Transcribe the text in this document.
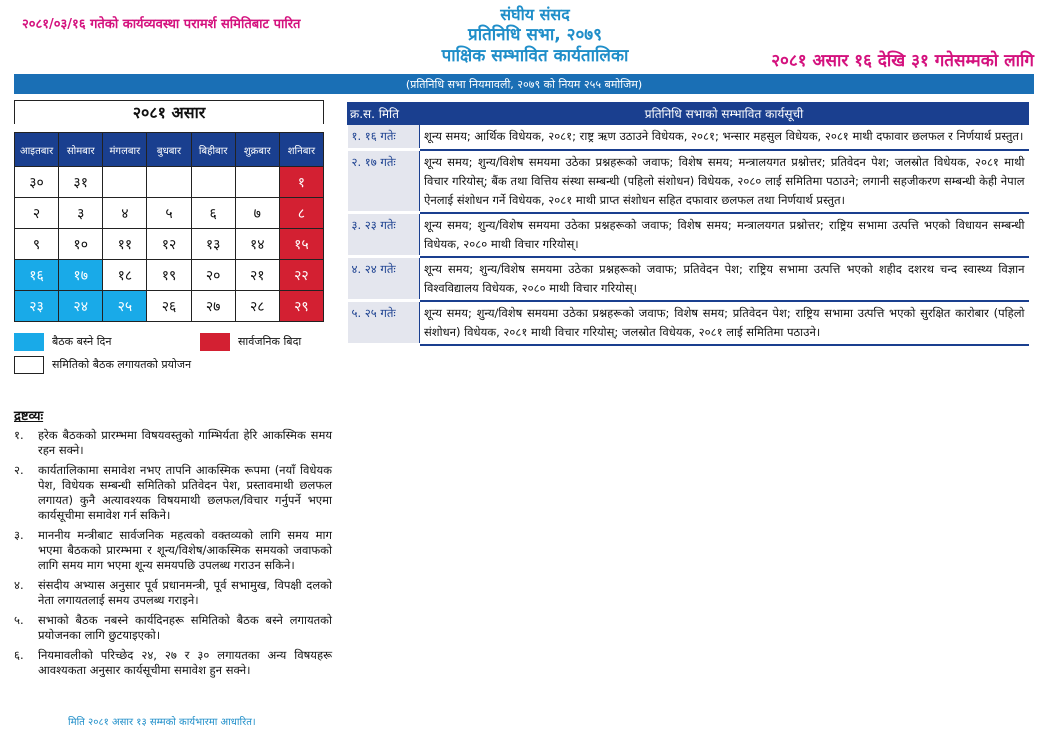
२०८१/०३/१६ गतेको कार्यव्यवस्था परामर्श समितिबाट पारित
संघीय संसद
प्रतिनिधि सभा, २०७९
पाक्षिक सम्भावित कार्यतालिका	२०८१ असार १६ देखि ३१ गतेसम्मको लागि
(प्रतिनिधि सभा नियमावली, २०७९ को नियम २५५ बमोजिम)
२०८१ असार
आइतबार	सोमबार	मंगलबार	बुधबार	बिहीबार	शुक्रबार	शनिबार
३०	३१					१
२	३	४	५	६	७	८
९	१०	११	१२	१३	१४	१५
१६	१७	१८	१९	२०	२१	२२
२३	२४	२५	२६	२७	२८	२९
बैठक बस्ने दिन	सार्वजनिक बिदा
समितिको बैठक लगायतको प्रयोजन
द्रष्टव्यः
१.	हरेक बैठकको प्रारम्भमा विषयवस्तुको गाम्भिर्यता हेरि आकस्मिक समय रहन सक्ने।
२.	कार्यतालिकामा समावेश नभए तापनि आकस्मिक रूपमा (नयाँ विधेयक पेश, विधेयक सम्बन्धी समितिको प्रतिवेदन पेश, प्रस्तावमाथी छलफल लगायत) कुनै अत्यावश्यक विषयमाथी छलफल/विचार गर्नुपर्ने भएमा कार्यसूचीमा समावेश गर्न सकिने।
३.	माननीय मन्त्रीबाट सार्वजनिक महत्वको वक्तव्यको लागि समय माग भएमा बैठकको प्रारम्भमा र शून्य/विशेष/आकस्मिक समयको जवाफको लागि समय माग भएमा शून्य समयपछि उपलब्ध गराउन सकिने।
४.	संसदीय अभ्यास अनुसार पूर्व प्रधानमन्त्री, पूर्व सभामुख, विपक्षी दलको नेता लगायतलाई समय उपलब्ध गराइने।
५.	सभाको बैठक नबस्ने कार्यदिनहरू समितिको बैठक बस्ने लगायतको प्रयोजनका लागि छुटयाइएको।
६.	नियमावलीको परिच्छेद २४, २७ र ३० लगायतका अन्य विषयहरू आवश्यकता अनुसार कार्यसूचीमा समावेश हुन सक्ने।
मिति २०८१ असार १३ सम्मको कार्यभारमा आधारित।
क्र.स. मिति	प्रतिनिधि सभाको सम्भावित कार्यसूची
१. १६ गतेः	शून्य समय; आर्थिक विधेयक, २०८१; राष्ट्र ऋण उठाउने विधेयक, २०८१; भन्सार महसुल विधेयक, २०८१ माथी दफावार छलफल र निर्णयार्थ प्रस्तुत।
२. १७ गतेः	शून्य समय; शुन्य/विशेष समयमा उठेका प्रश्नहरूको जवाफ; विशेष समय; मन्त्रालयगत प्रश्नोत्तर; प्रतिवेदन पेश; जलस्रोत विधेयक, २०८१ माथी विचार गरियोस्; बैंक तथा वित्तिय संस्था सम्बन्धी (पहिलो संशोधन) विधेयक, २०८० लाई समितिमा पठाउने; लगानी सहजीकरण सम्बन्धी केही नेपाल ऐनलाई संशोधन गर्ने विधेयक, २०८१ माथी प्राप्त संशोधन सहित दफावार छलफल तथा निर्णयार्थ प्रस्तुत।
३. २३ गतेः	शून्य समय; शुन्य/विशेष समयमा उठेका प्रश्नहरूको जवाफ; विशेष समय; मन्त्रालयगत प्रश्नोत्तर; राष्ट्रिय सभामा उत्पत्ति भएको विधायन सम्बन्धी विधेयक, २०८० माथी विचार गरियोस्।
४. २४ गतेः	शून्य समय; शुन्य/विशेष समयमा उठेका प्रश्नहरूको जवाफ; प्रतिवेदन पेश; राष्ट्रिय सभामा उत्पत्ति भएको शहीद दशरथ चन्द स्वास्थ्य विज्ञान विश्वविद्यालय विधेयक, २०८० माथी विचार गरियोस्।
५. २५ गतेः	शून्य समय; शुन्य/विशेष समयमा उठेका प्रश्नहरूको जवाफ; विशेष समय; प्रतिवेदन पेश; राष्ट्रिय सभामा उत्पत्ति भएको सुरक्षित कारोबार (पहिलो संशोधन) विधेयक, २०८१ माथी विचार गरियोस्; जलस्रोत विधेयक, २०८१ लाई समितिमा पठाउने।
